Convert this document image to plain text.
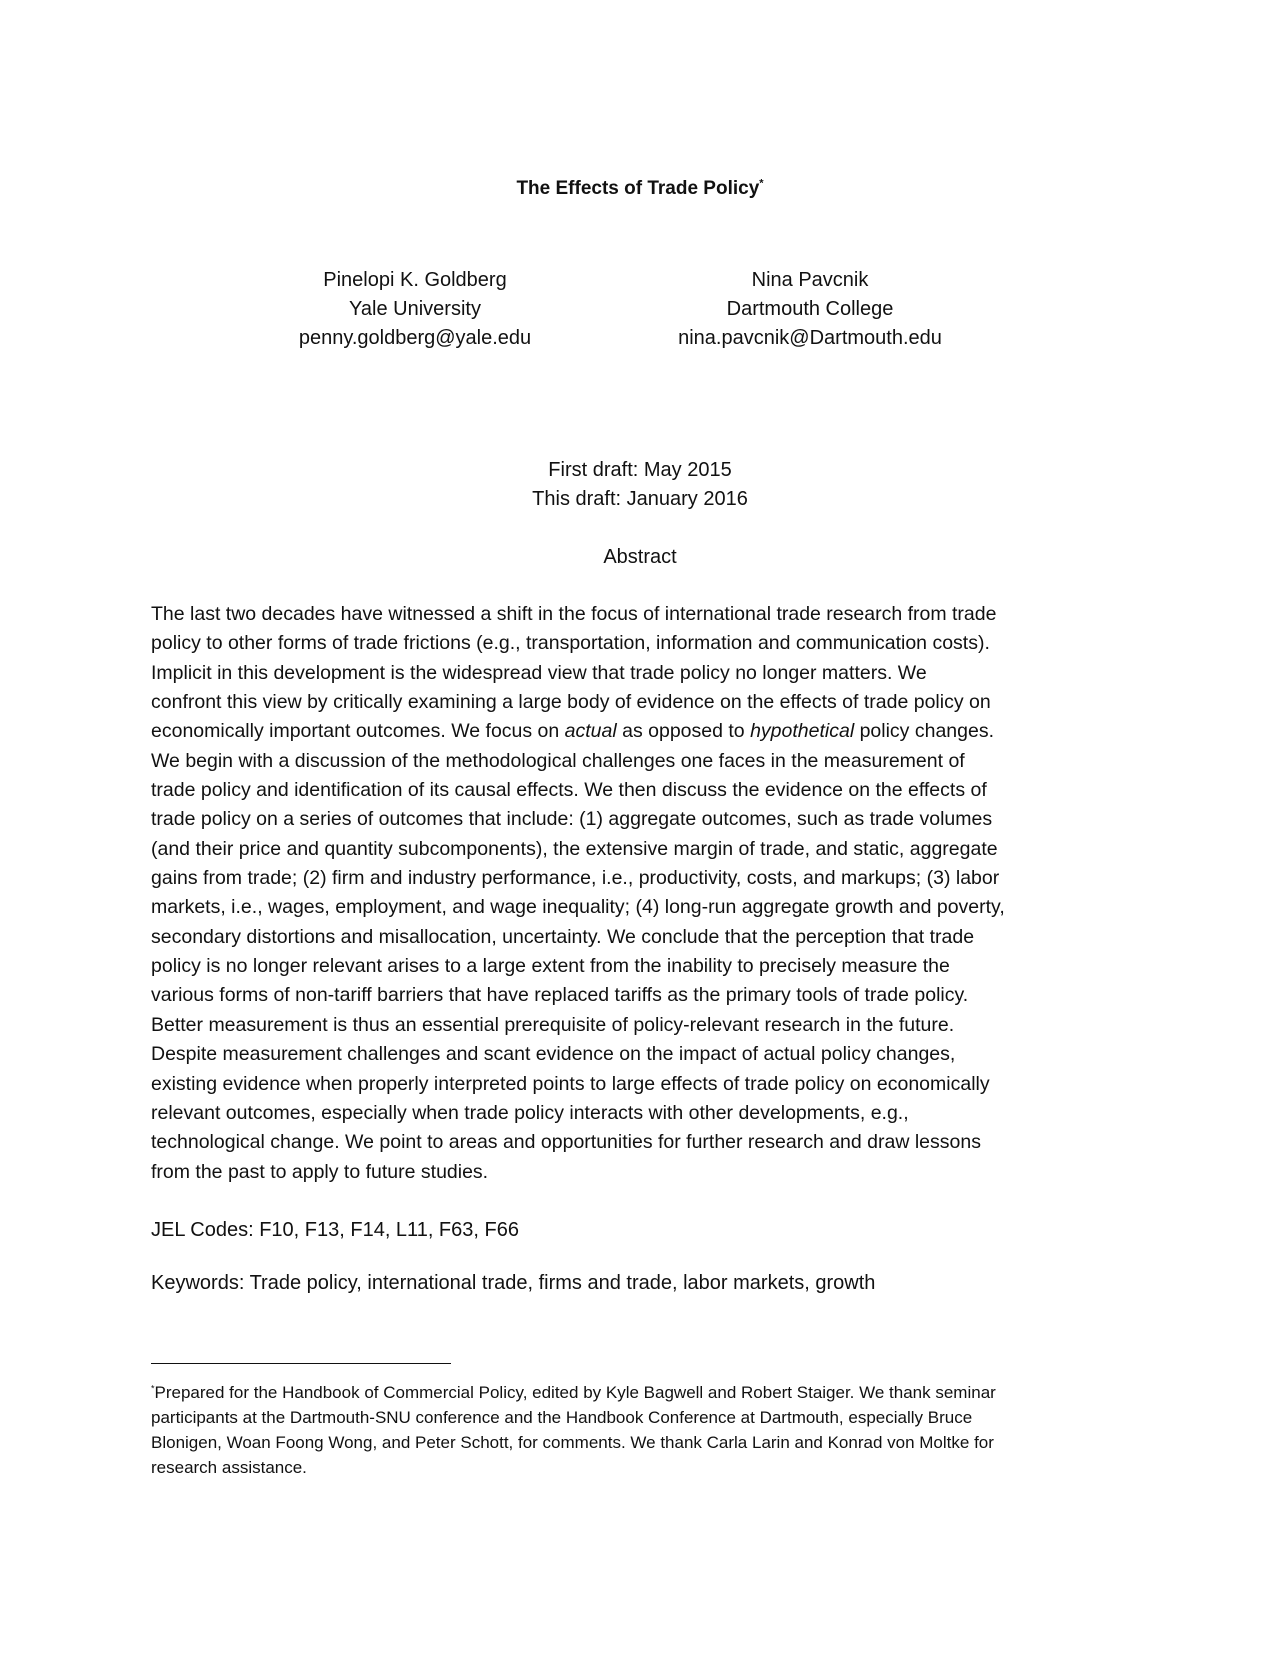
The Effects of Trade Policy*
Pinelopi K. Goldberg
Yale University
penny.goldberg@yale.edu
Nina Pavcnik
Dartmouth College
nina.pavcnik@Dartmouth.edu
First draft: May 2015
This draft: January 2016
Abstract
The last two decades have witnessed a shift in the focus of international trade research from trade
policy to other forms of trade frictions (e.g., transportation, information and communication costs).
Implicit in this development is the widespread view that trade policy no longer matters. We
confront this view by critically examining a large body of evidence on the effects of trade policy on
economically important outcomes. We focus on actual as opposed to hypothetical policy changes.
We begin with a discussion of the methodological challenges one faces in the measurement of
trade policy and identification of its causal effects. We then discuss the evidence on the effects of
trade policy on a series of outcomes that include: (1) aggregate outcomes, such as trade volumes
(and their price and quantity subcomponents), the extensive margin of trade, and static, aggregate
gains from trade; (2) firm and industry performance, i.e., productivity, costs, and markups; (3) labor
markets, i.e., wages, employment, and wage inequality; (4) long-run aggregate growth and poverty,
secondary distortions and misallocation, uncertainty. We conclude that the perception that trade
policy is no longer relevant arises to a large extent from the inability to precisely measure the
various forms of non-tariff barriers that have replaced tariffs as the primary tools of trade policy.
Better measurement is thus an essential prerequisite of policy-relevant research in the future.
Despite measurement challenges and scant evidence on the impact of actual policy changes,
existing evidence when properly interpreted points to large effects of trade policy on economically
relevant outcomes, especially when trade policy interacts with other developments, e.g.,
technological change. We point to areas and opportunities for further research and draw lessons
from the past to apply to future studies.
JEL Codes: F10, F13, F14, L11, F63, F66
Keywords: Trade policy, international trade, firms and trade, labor markets, growth
*Prepared for the Handbook of Commercial Policy, edited by Kyle Bagwell and Robert Staiger. We thank seminar
participants at the Dartmouth-SNU conference and the Handbook Conference at Dartmouth, especially Bruce
Blonigen, Woan Foong Wong, and Peter Schott, for comments. We thank Carla Larin and Konrad von Moltke for
research assistance.
